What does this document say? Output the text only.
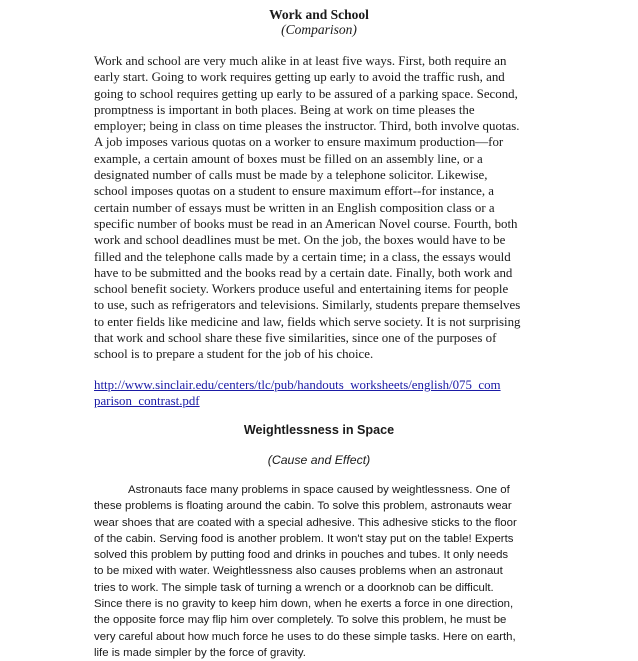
Work and School
(Comparison)
Work and school are very much alike in at least five ways. First, both require an
early start. Going to work requires getting up early to avoid the traffic rush, and
going to school requires getting up early to be assured of a parking space. Second,
promptness is important in both places. Being at work on time pleases the
employer; being in class on time pleases the instructor. Third, both involve quotas.
A job imposes various quotas on a worker to ensure maximum production—for
example, a certain amount of boxes must be filled on an assembly line, or a
designated number of calls must be made by a telephone solicitor. Likewise,
school imposes quotas on a student to ensure maximum effort--for instance, a
certain number of essays must be written in an English composition class or a
specific number of books must be read in an American Novel course. Fourth, both
work and school deadlines must be met. On the job, the boxes would have to be
filled and the telephone calls made by a certain time; in a class, the essays would
have to be submitted and the books read by a certain date. Finally, both work and
school benefit society. Workers produce useful and entertaining items for people
to use, such as refrigerators and televisions. Similarly, students prepare themselves
to enter fields like medicine and law, fields which serve society. It is not surprising
that work and school share these five similarities, since one of the purposes of
school is to prepare a student for the job of his choice.
http://www.sinclair.edu/centers/tlc/pub/handouts_worksheets/english/075_com
parison_contrast.pdf
Weightlessness in Space
(Cause and Effect)
Astronauts face many problems in space caused by weightlessness. One of
these problems is floating around the cabin. To solve this problem, astronauts wear
wear shoes that are coated with a special adhesive. This adhesive sticks to the floor
of the cabin. Serving food is another problem. It won't stay put on the table! Experts
solved this problem by putting food and drinks in pouches and tubes. It only needs
to be mixed with water. Weightlessness also causes problems when an astronaut
tries to work. The simple task of turning a wrench or a doorknob can be difficult.
Since there is no gravity to keep him down, when he exerts a force in one direction,
the opposite force may flip him over completely. To solve this problem, he must be
very careful about how much force he uses to do these simple tasks. Here on earth,
life is made simpler by the force of gravity.
